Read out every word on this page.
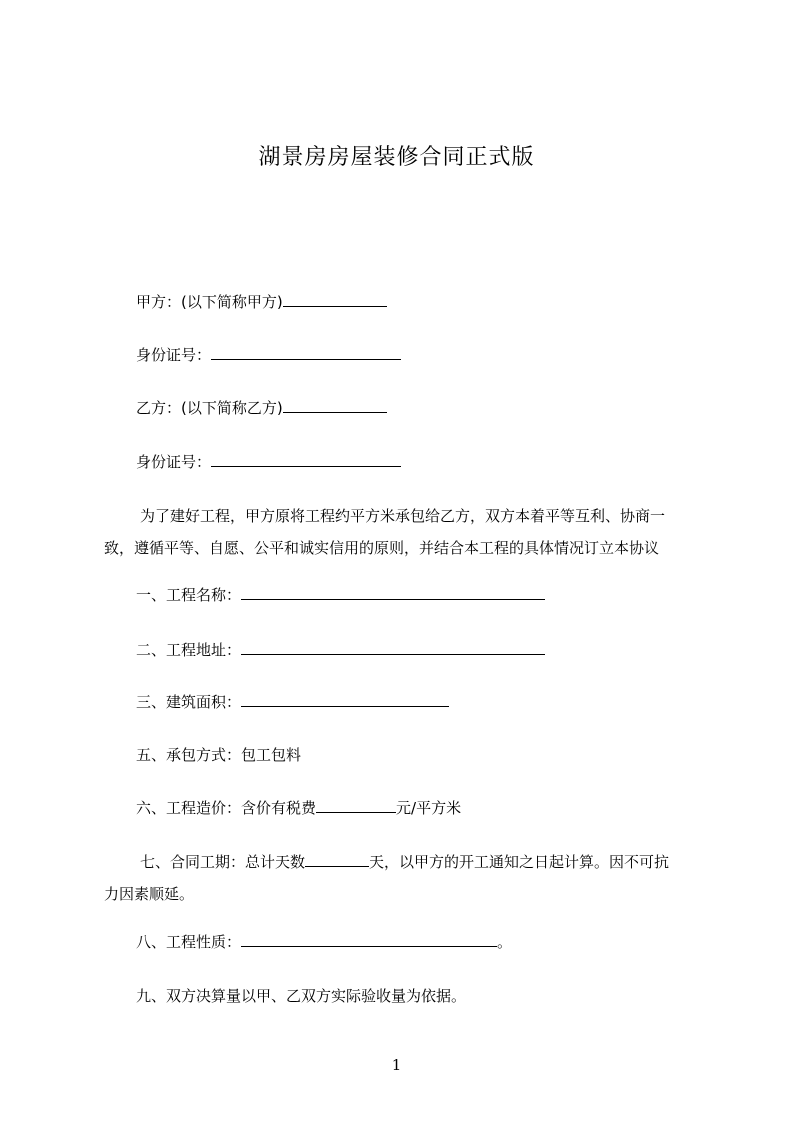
湖景房房屋装修合同正式版
甲方：(以下简称甲方)
身份证号：
乙方：(以下简称乙方)
身份证号：
为了建好工程，甲方原将工程约平方米承包给乙方，双方本着平等互利、协商一
致，遵循平等、自愿、公平和诚实信用的原则，并结合本工程的具体情况订立本协议
一、工程名称：
二、工程地址：
三、建筑面积：
五、承包方式：包工包料
六、工程造价：含价有税费	元/平方米
七、合同工期：总计天数	天，以甲方的开工通知之日起计算。因不可抗
力因素顺延。
八、工程性质：	。
九、双方决算量以甲、乙双方实际验收量为依据。
1
